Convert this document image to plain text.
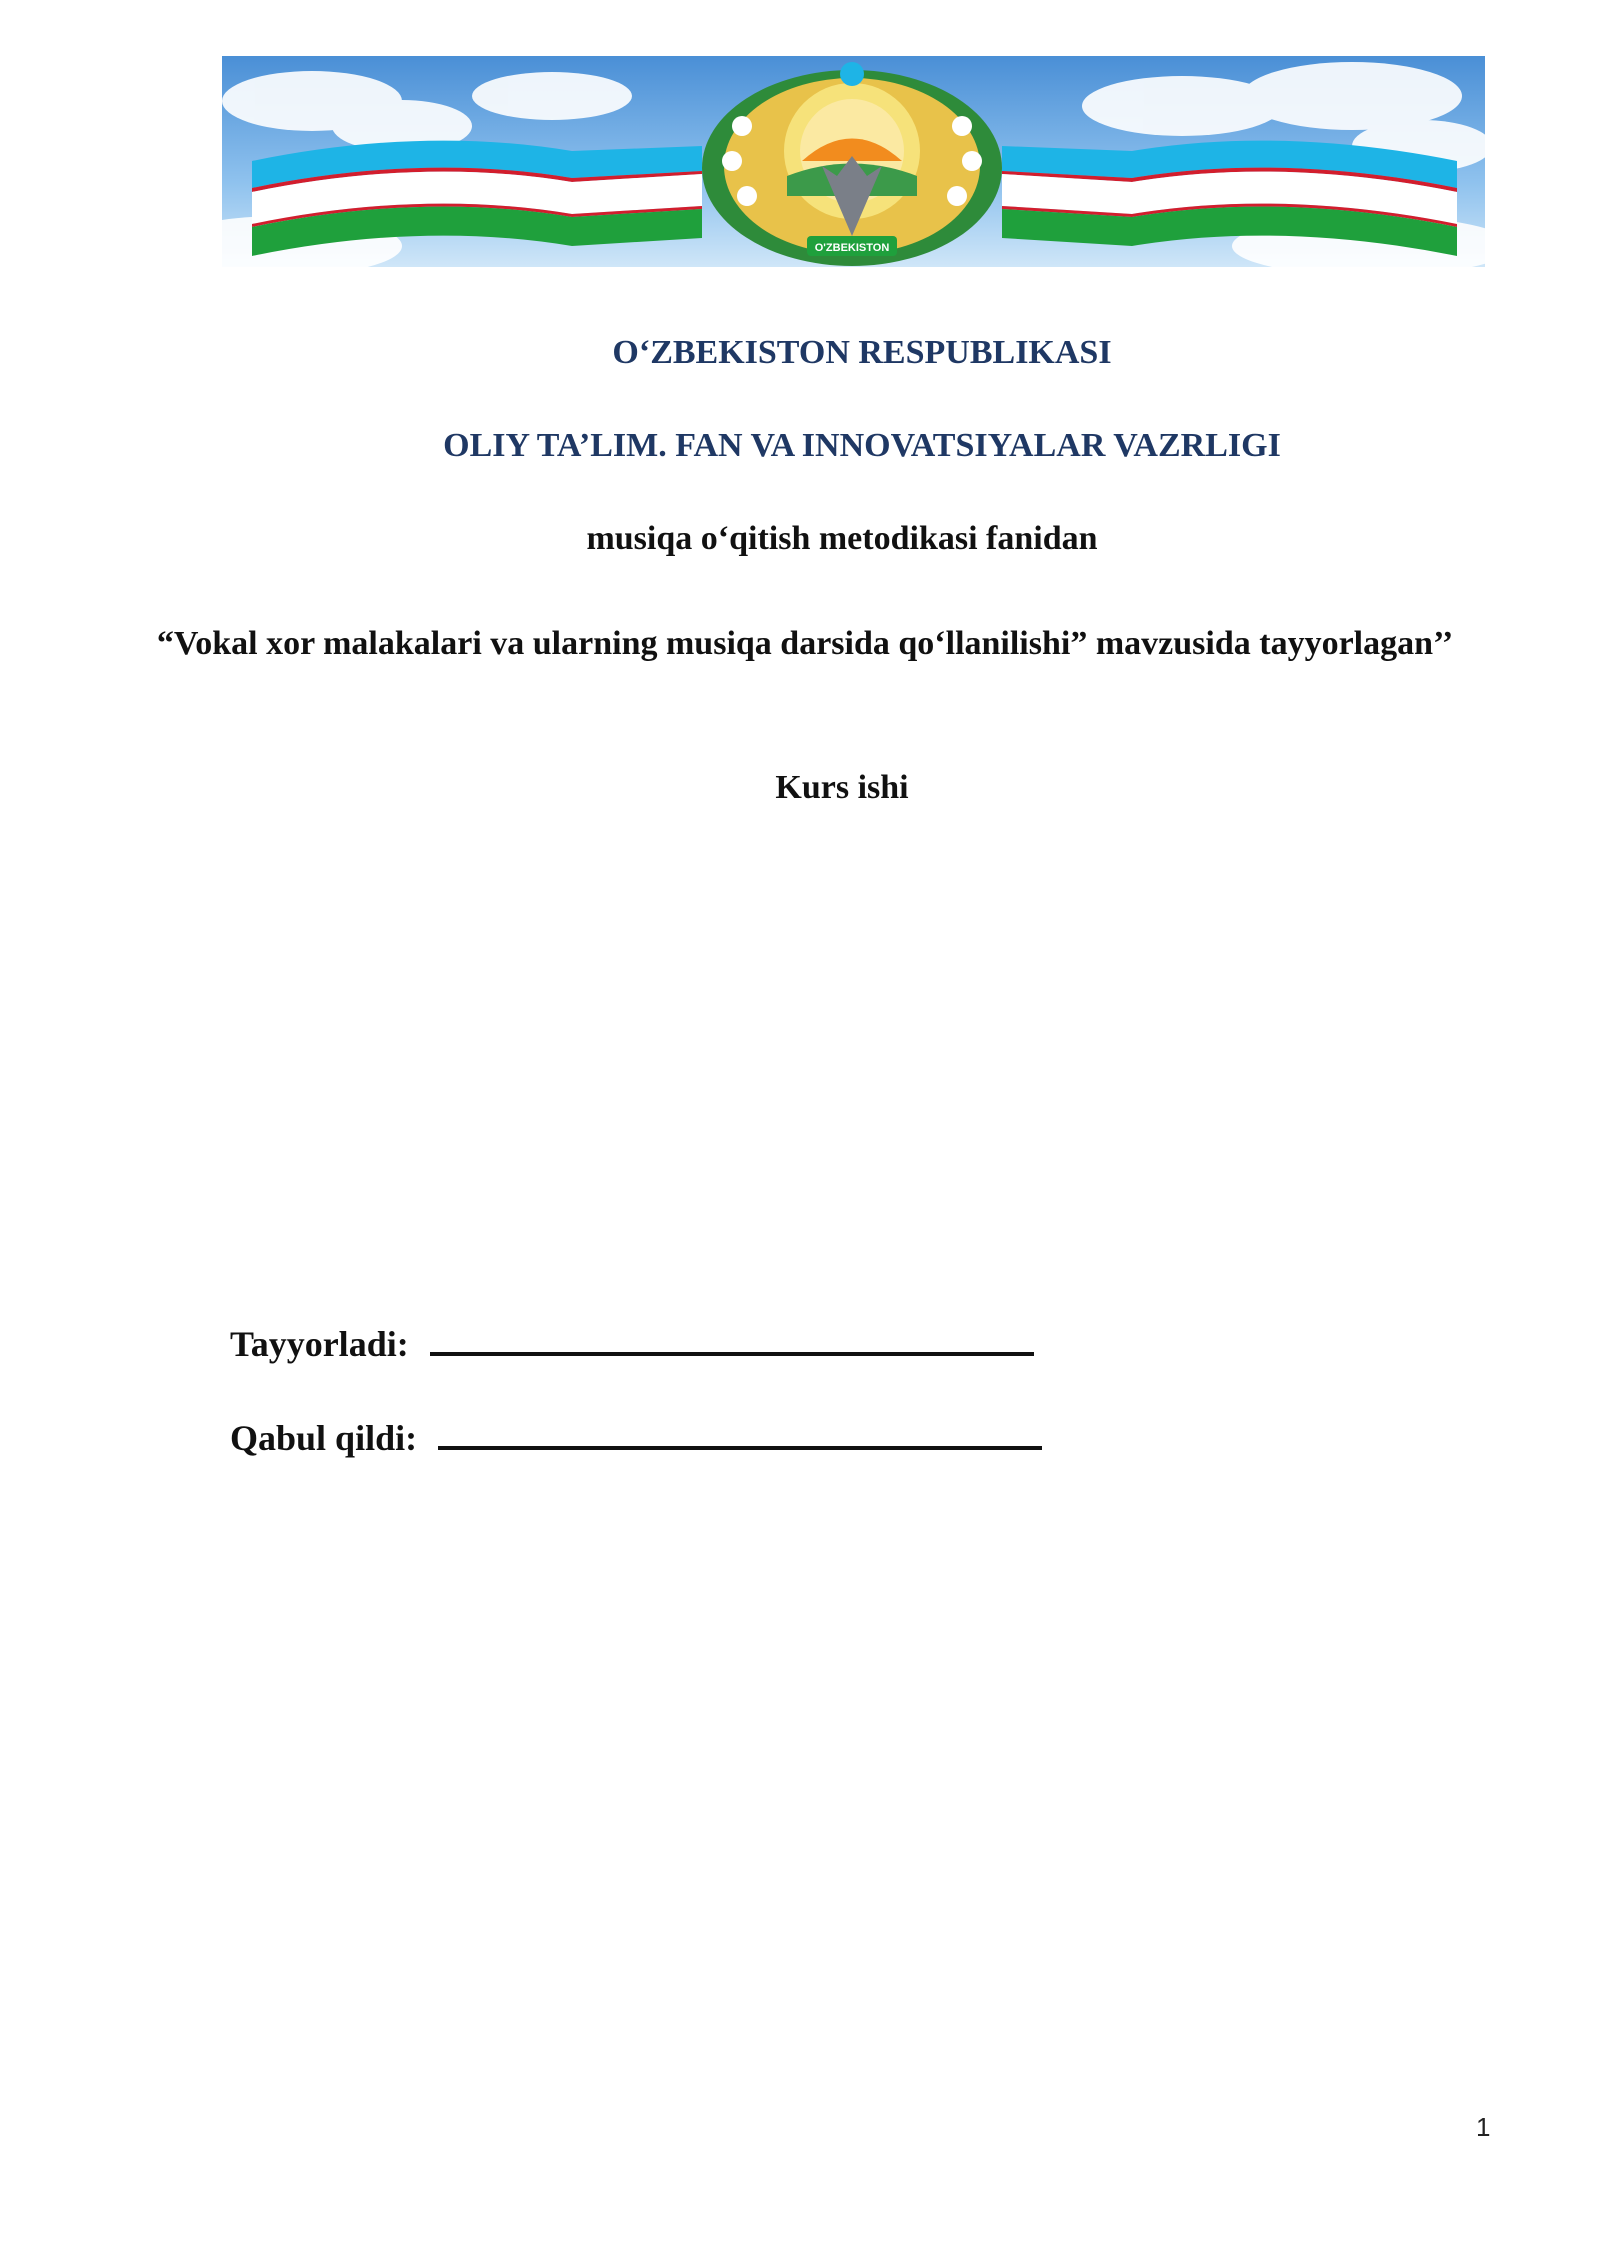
O'ZBEKISTON
O‘ZBEKISTON RESPUBLIKASI
OLIY TA’LIM. FAN VA INNOVATSIYALAR VAZRLIGI
musiqa o‘qitish metodikasi fanidan
“Vokal xor malakalari va ularning musiqa darsida qo‘llanilishi” mavzusida tayyorlagan’’
Kurs ishi
Tayyorladi:
Qabul qildi:
1
